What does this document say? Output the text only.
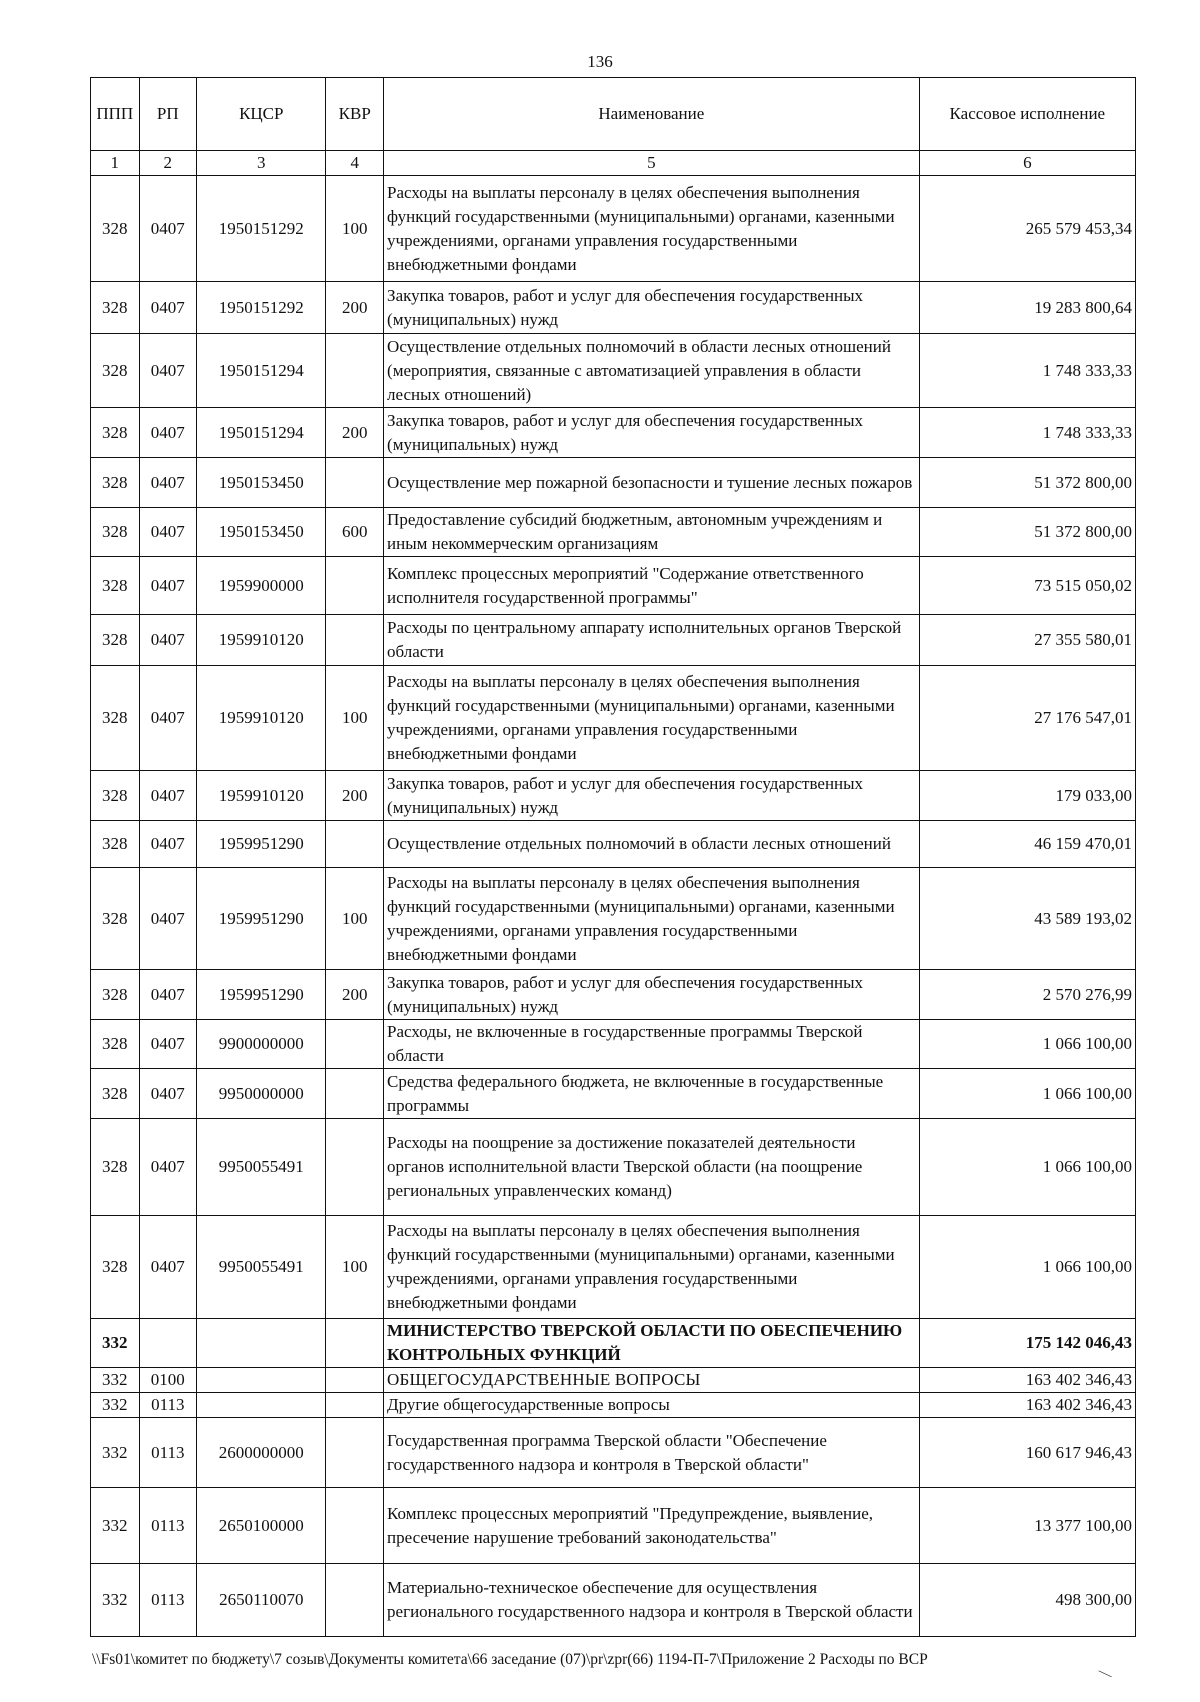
136
ППП	РП	КЦСР	КВР	Наименование	Кассовое исполнение
1	2	3	4	5	6
328	0407	1950151292	100	Расходы на выплаты персоналу в целях обеспечения выполнения функций государственными (муниципальными) органами, казенными учреждениями, органами управления государственными внебюджетными фондами	265 579 453,34
328	0407	1950151292	200	Закупка товаров, работ и услуг для обеспечения государственных (муниципальных) нужд	19 283 800,64
328	0407	1950151294		Осуществление отдельных полномочий в области лесных отношений (мероприятия, связанные с автоматизацией управления в области лесных отношений)	1 748 333,33
328	0407	1950151294	200	Закупка товаров, работ и услуг для обеспечения государственных (муниципальных) нужд	1 748 333,33
328	0407	1950153450		Осуществление мер пожарной безопасности и тушение лесных пожаров	51 372 800,00
328	0407	1950153450	600	Предоставление субсидий бюджетным, автономным учреждениям и иным некоммерческим организациям	51 372 800,00
328	0407	1959900000		Комплекс процессных мероприятий "Содержание ответственного исполнителя государственной программы"	73 515 050,02
328	0407	1959910120		Расходы по центральному аппарату исполнительных органов Тверской области	27 355 580,01
328	0407	1959910120	100	Расходы на выплаты персоналу в целях обеспечения выполнения функций государственными (муниципальными) органами, казенными учреждениями, органами управления государственными внебюджетными фондами	27 176 547,01
328	0407	1959910120	200	Закупка товаров, работ и услуг для обеспечения государственных (муниципальных) нужд	179 033,00
328	0407	1959951290		Осуществление отдельных полномочий в области лесных отношений	46 159 470,01
328	0407	1959951290	100	Расходы на выплаты персоналу в целях обеспечения выполнения функций государственными (муниципальными) органами, казенными учреждениями, органами управления государственными внебюджетными фондами	43 589 193,02
328	0407	1959951290	200	Закупка товаров, работ и услуг для обеспечения государственных (муниципальных) нужд	2 570 276,99
328	0407	9900000000		Расходы, не включенные в государственные программы Тверской области	1 066 100,00
328	0407	9950000000		Средства федерального бюджета, не включенные в государственные программы	1 066 100,00
328	0407	9950055491		Расходы на поощрение за достижение показателей деятельности органов исполнительной власти Тверской области (на поощрение региональных управленческих команд)	1 066 100,00
328	0407	9950055491	100	Расходы на выплаты персоналу в целях обеспечения выполнения функций государственными (муниципальными) органами, казенными учреждениями, органами управления государственными внебюджетными фондами	1 066 100,00
332				МИНИСТЕРСТВО ТВЕРСКОЙ ОБЛАСТИ ПО ОБЕСПЕЧЕНИЮ КОНТРОЛЬНЫХ ФУНКЦИЙ	175 142 046,43
332	0100			ОБЩЕГОСУДАРСТВЕННЫЕ ВОПРОСЫ	163 402 346,43
332	0113			Другие общегосударственные вопросы	163 402 346,43
332	0113	2600000000		Государственная программа Тверской области "Обеспечение государственного надзора и контроля в Тверской области"	160 617 946,43
332	0113	2650100000		Комплекс процессных мероприятий "Предупреждение, выявление, пресечение нарушение требований законодательства"	13 377 100,00
332	0113	2650110070		Материально-техническое обеспечение для осуществления регионального государственного надзора и контроля в Тверской области	498 300,00
\\Fs01\комитет по бюджету\7 созыв\Документы комитета\66 заседание (07)\pr\zpr(66) 1194-П-7\Приложение 2 Расходы по ВСР
—
